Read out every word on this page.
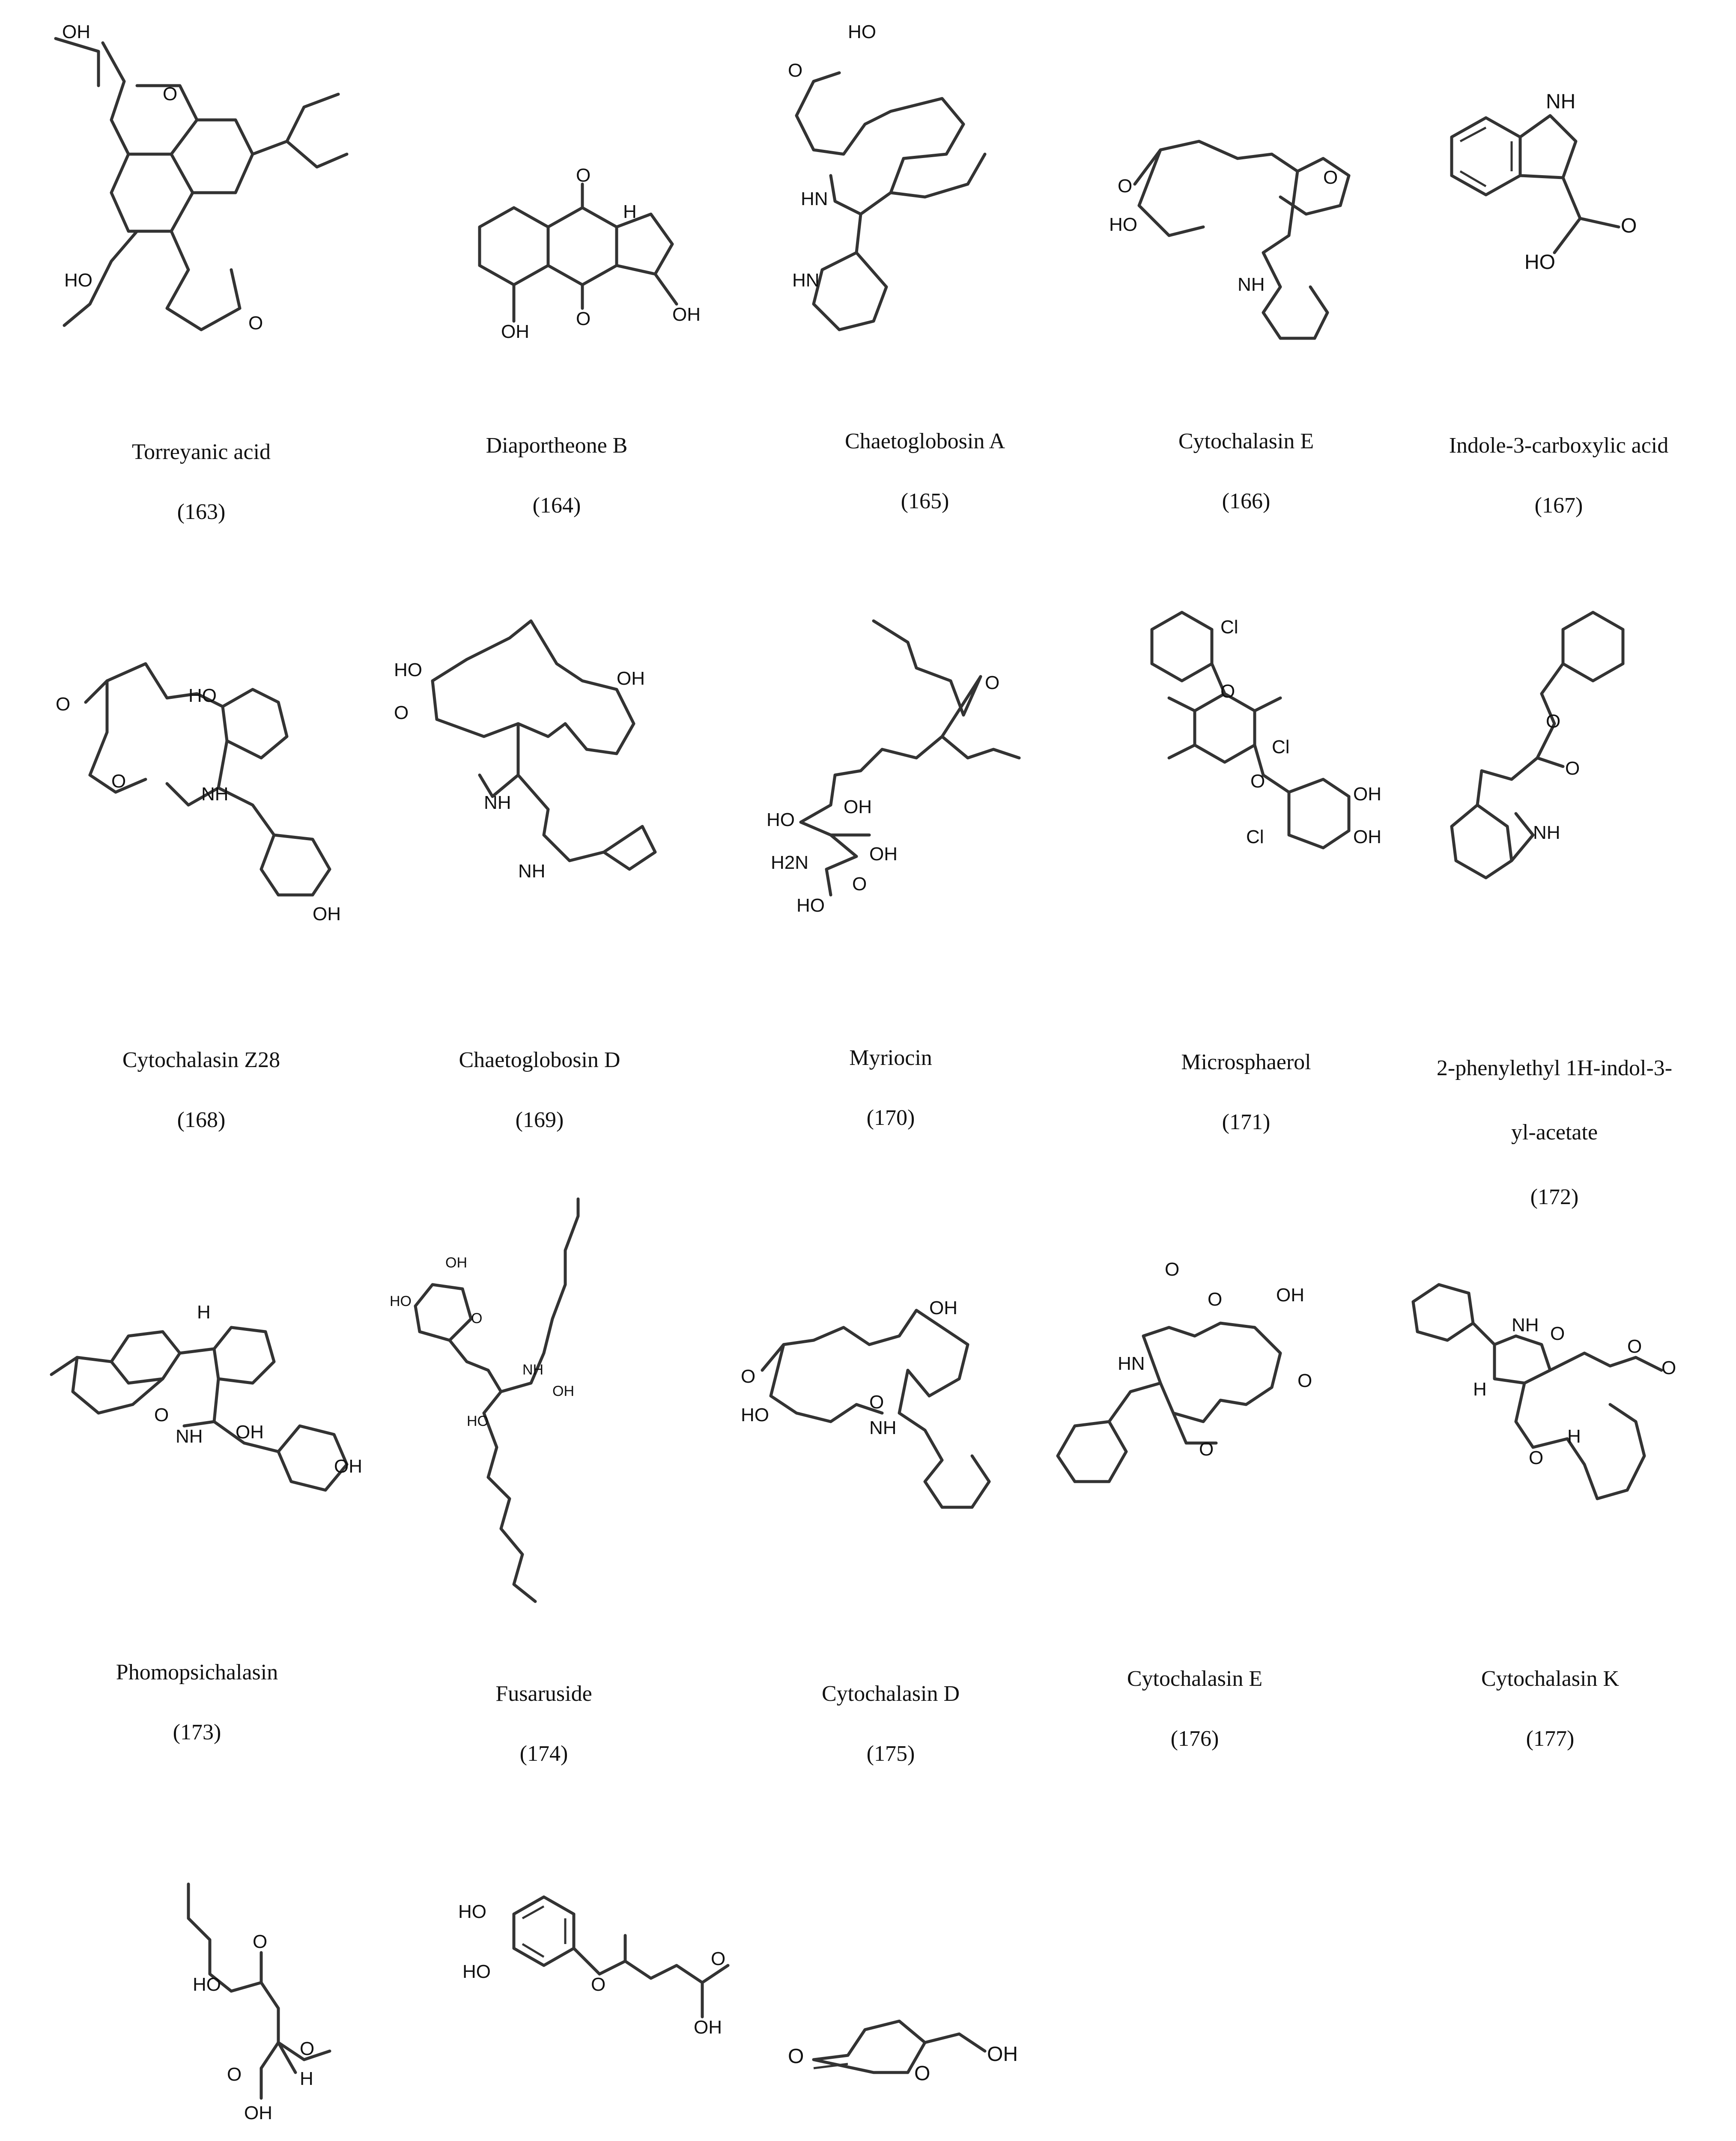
OH
O
HO
O
Torreyanic acid
(163)
O
H
O
OH
OH
Diaportheone B
(164)
HO
O
HN
HN
Chaetoglobosin A
(165)
O
HO
O
NH
Cytochalasin E
(166)
NH
O
HO
Indole-3-carboxylic acid
(167)
O	HO
O
NH
OH
Cytochalasin Z28
(168)
HO
O
OH
NH
NH
Chaetoglobosin D
(169)
O
HO
OH
H2N	OH
HO
O
Myriocin
(170)
Cl
O
Cl
O
OH
OH
Cl
Microsphaerol
(171)
O
O
NH
2-phenylethyl 1H-indol-3-
yl-acetate
(172)
H
O
NH OH
OH
Phomopsichalasin
(173)
OH
HO
O
NH
OH
HO
Fusaruside
(174)
OH
O
HO
O
NH
Cytochalasin D
(175)
O
O	OH
HN
O
O
Cytochalasin E
(176)
NH O
O
O
H
H
O
Cytochalasin K
(177)
HO
O
O
O	H
OH
HO
HO
O
O
OH
O
O
OH
